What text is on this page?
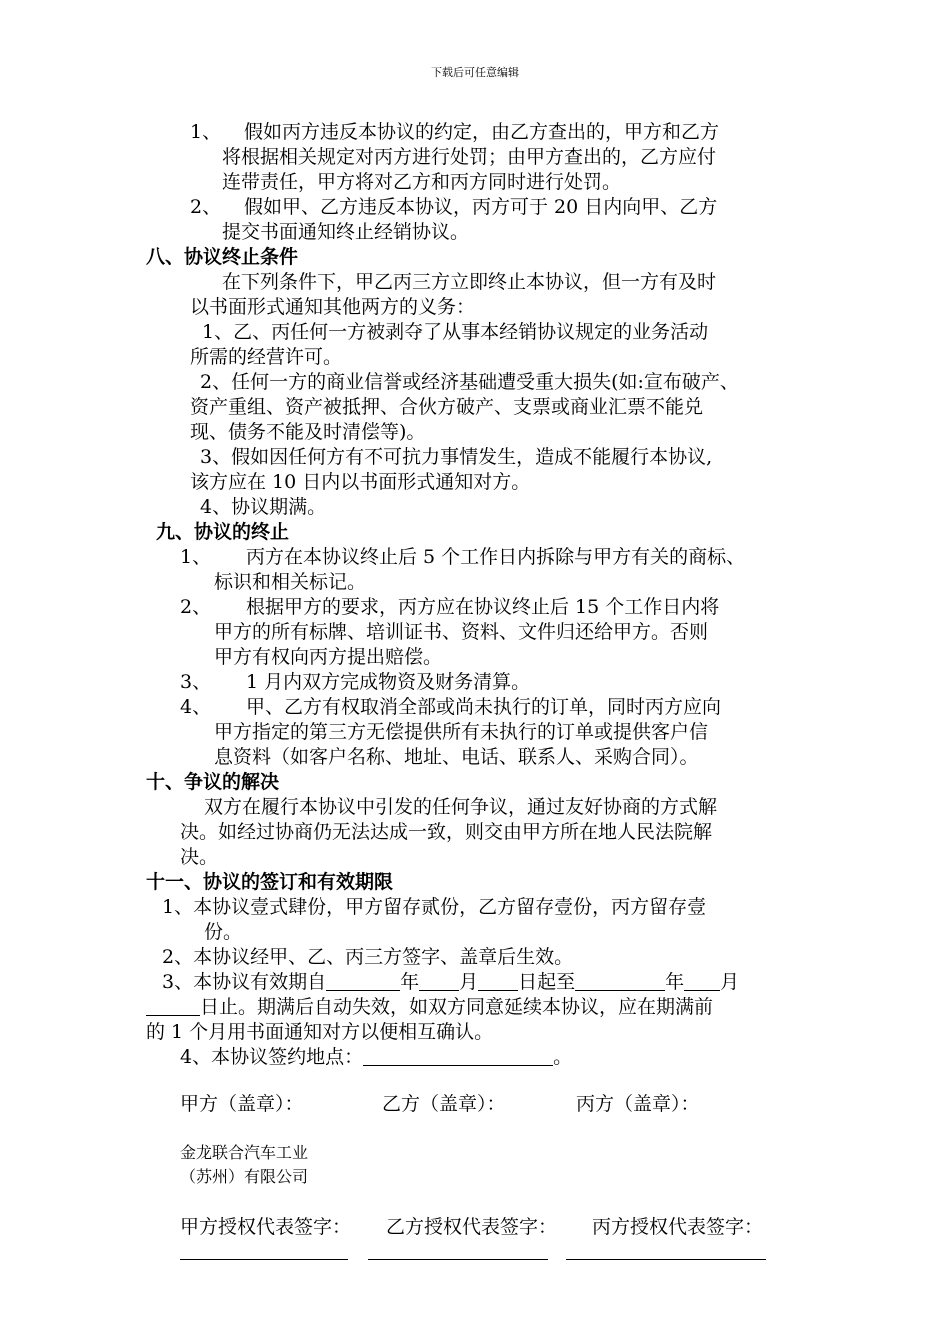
下载后可任意编辑
1、 假如丙方违反本协议的约定，由乙方查出的，甲方和乙方
将根据相关规定对丙方进行处罚；由甲方查出的，乙方应付
连带责任，甲方将对乙方和丙方同时进行处罚。
2、 假如甲、乙方违反本协议，丙方可于 20 日内向甲、乙方
提交书面通知终止经销协议。
八、协议终止条件
在下列条件下，甲乙丙三方立即终止本协议，但一方有及时
以书面形式通知其他两方的义务：
1、乙、丙任何一方被剥夺了从事本经销协议规定的业务活动
所需的经营许可。
2、任何一方的商业信誉或经济基础遭受重大损失(如:宣布破产、
资产重组、资产被抵押、合伙方破产、支票或商业汇票不能兑
现、债务不能及时清偿等)。
3、假如因任何方有不可抗力事情发生，造成不能履行本协议,
该方应在 10 日内以书面形式通知对方。
4、协议期满。
九、协议的终止
1、 丙方在本协议终止后 5 个工作日内拆除与甲方有关的商标、
标识和相关标记。
2、 根据甲方的要求，丙方应在协议终止后 15 个工作日内将
甲方的所有标牌、培训证书、资料、文件归还给甲方。否则
甲方有权向丙方提出赔偿。
3、 1 月内双方完成物资及财务清算。
4、 甲、乙方有权取消全部或尚未执行的订单，同时丙方应向
甲方指定的第三方无偿提供所有未执行的订单或提供客户信
息资料（如客户名称、地址、电话、联系人、采购合同）。
十、争议的解决
双方在履行本协议中引发的任何争议，通过友好协商的方式解
决。如经过协商仍无法达成一致，则交由甲方所在地人民法院解
决。
十一、协议的签订和有效期限
1、本协议壹式肆份，甲方留存贰份，乙方留存壹份，丙方留存壹
份。
2、本协议经甲、乙、丙三方签字、盖章后生效。
3、本协议有效期自	年 月 日起至	年 月
日止。期满后自动失效，如双方同意延续本协议，应在期满前
的 1 个月用书面通知对方以便相互确认。
4、本协议签约地点：	。
甲方（盖章）：	乙方（盖章）：	丙方（盖章）：
金龙联合汽车工业
（苏州）有限公司
甲方授权代表签字： 乙方授权代表签字： 丙方授权代表签字：
